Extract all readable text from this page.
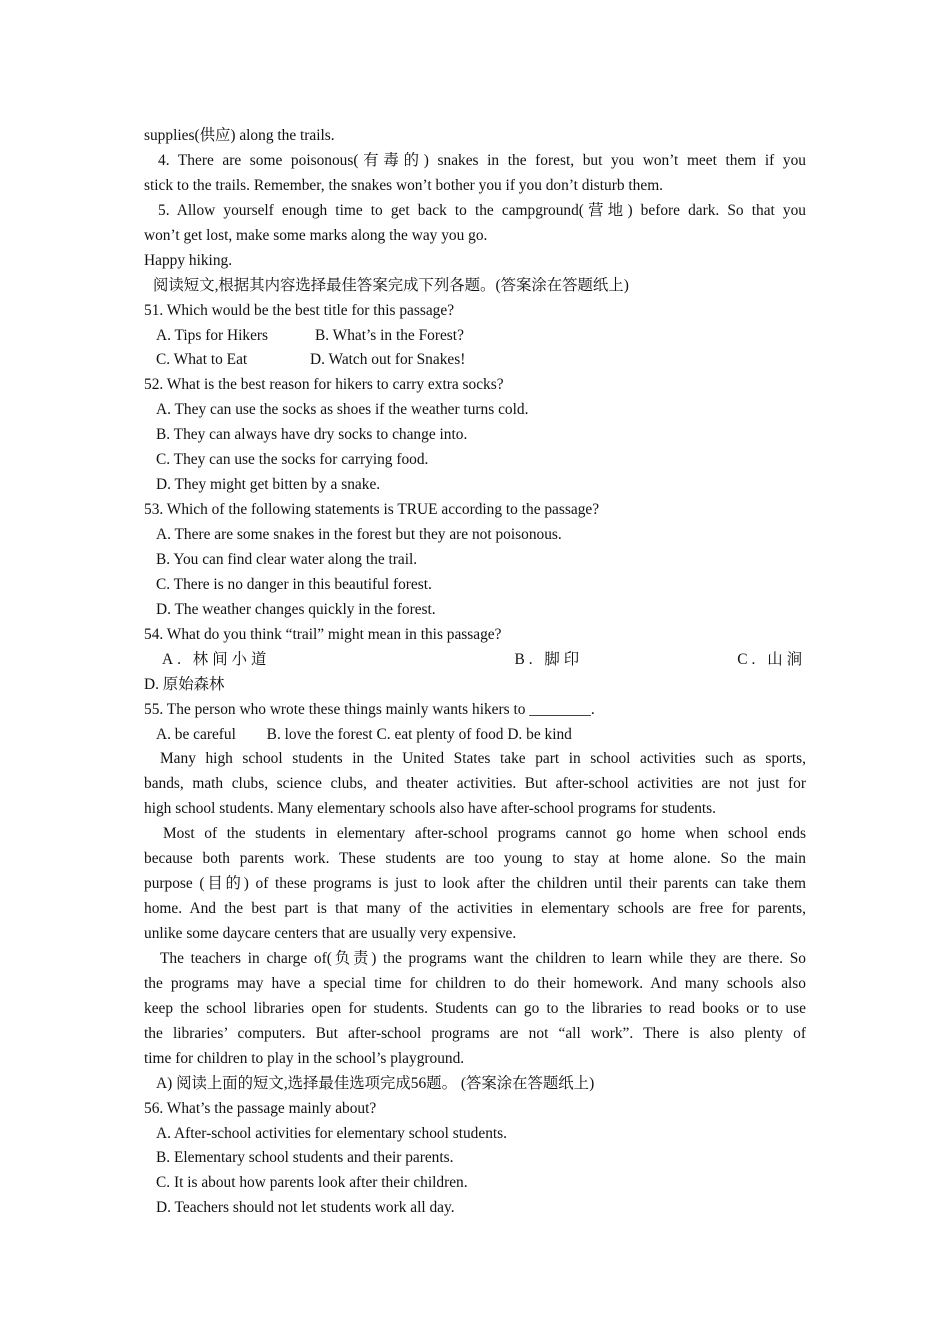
supplies(供应) along the trails.
4. There are some poisonous(有毒的) snakes in the forest, but you won’t meet them if you
stick to the trails. Remember, the snakes won’t bother you if you don’t disturb them.
5. Allow yourself enough time to get back to the campground(营地) before dark. So that you
won’t get lost, make some marks along the way you go.
Happy hiking.
阅读短文,根据其内容选择最佳答案完成下列各题。(答案涂在答题纸上)
51. Which would be the best title for this passage?
A. Tips for Hikers	B. What’s in the Forest?
C. What to Eat	D. Watch out for Snakes!
52. What is the best reason for hikers to carry extra socks?
A. They can use the socks as shoes if the weather turns cold.
B. They can always have dry socks to change into.
C. They can use the socks for carrying food.
D. They might get bitten by a snake.
53. Which of the following statements is TRUE according to the passage?
A. There are some snakes in the forest but they are not poisonous.
B. You can find clear water along the trail.
C. There is no danger in this beautiful forest.
D. The weather changes quickly in the forest.
54. What do you think “trail” might mean in this passage?
A. 林间小道	B. 脚印	C. 山涧
D. 原始森林
55. The person who wrote these things mainly wants hikers to ________.
A. be careful        B. love the forest C. eat plenty of food D. be kind
Many high school students in the United States take part in school activities such as sports,
bands, math clubs, science clubs, and theater activities. But after-school activities are not just for
high school students. Many elementary schools also have after-school programs for students.
Most of the students in elementary after-school programs cannot go home when school ends
because both parents work. These students are too young to stay at home alone. So the main
purpose (目的) of these programs is just to look after the children until their parents can take them
home. And the best part is that many of the activities in elementary schools are free for parents,
unlike some daycare centers that are usually very expensive.
The teachers in charge of(负责) the programs want the children to learn while they are there. So
the programs may have a special time for children to do their homework. And many schools also
keep the school libraries open for students. Students can go to the libraries to read books or to use
the libraries’ computers. But after-school programs are not “all work”. There is also plenty of
time for children to play in the school’s playground.
A) 阅读上面的短文,选择最佳选项完成56题。 (答案涂在答题纸上)
56. What’s the passage mainly about?
A. After-school activities for elementary school students.
B. Elementary school students and their parents.
C. It is about how parents look after their children.
D. Teachers should not let students work all day.
